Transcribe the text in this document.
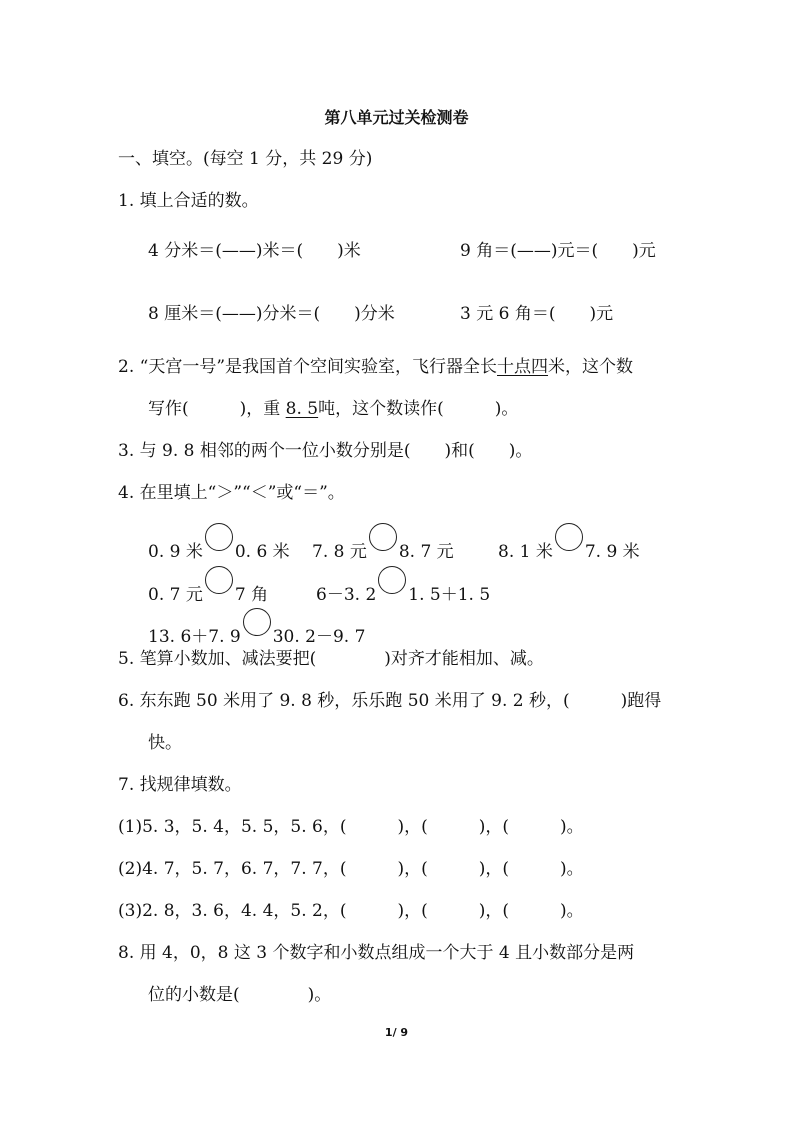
第八单元过关检测卷
一、填空。(每空 1 分，共 29 分)
1. 填上合适的数。
4 分米＝(——)米＝(　　)米	9 角＝(——)元＝(　　)元
8 厘米＝(——)分米＝(　　)分米	3 元 6 角＝(　　)元
2. “天宫一号”是我国首个空间实验室，飞行器全长十点四米，这个数
写作(　　　)，重 8. 5吨，这个数读作(　　　)。
3. 与 9. 8 相邻的两个一位小数分别是(　　)和(　　)。
4. 在里填上“＞”“＜”或“＝”。
0. 9 米 0. 6 米 7. 8 元 8. 7 元	8. 1 米 7. 9 米
0. 7 元 7 角	6－3. 2 1. 5＋1. 5
13. 6＋7. 9 30. 2－9. 7
5. 笔算小数加、减法要把(　　　　)对齐才能相加、减。
6. 东东跑 50 米用了 9. 8 秒，乐乐跑 50 米用了 9. 2 秒，(　　　)跑得
快。
7. 找规律填数。
(1)5. 3，5. 4，5. 5，5. 6，(　　　)，(　　　)，(　　　)。
(2)4. 7，5. 7，6. 7，7. 7，(　　　)，(　　　)，(　　　)。
(3)2. 8，3. 6，4. 4，5. 2，(　　　)，(　　　)，(　　　)。
8. 用 4，0，8 这 3 个数字和小数点组成一个大于 4 且小数部分是两
位的小数是(　　　　)。
1/ 9
